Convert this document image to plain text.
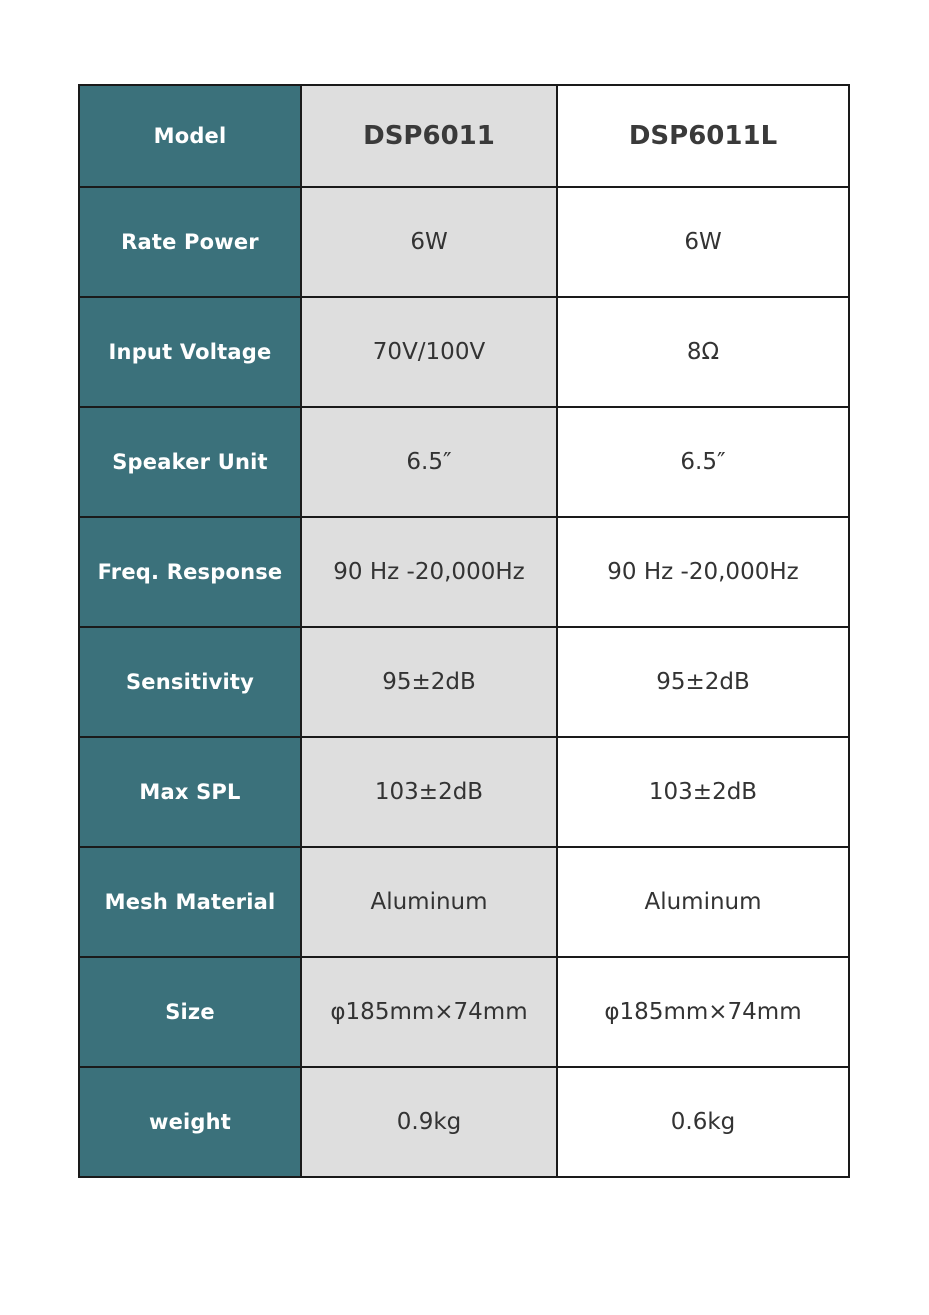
Model	DSP6011	DSP6011L
Rate Power	6W	6W
Input Voltage	70V/100V	8Ω
Speaker Unit	6.5″	6.5″
Freq. Response	90 Hz -20,000Hz	90 Hz -20,000Hz
Sensitivity	95±2dB	95±2dB
Max SPL	103±2dB	103±2dB
Mesh Material	Aluminum	Aluminum
Size	φ185mm×74mm	φ185mm×74mm
weight	0.9kg	0.6kg
